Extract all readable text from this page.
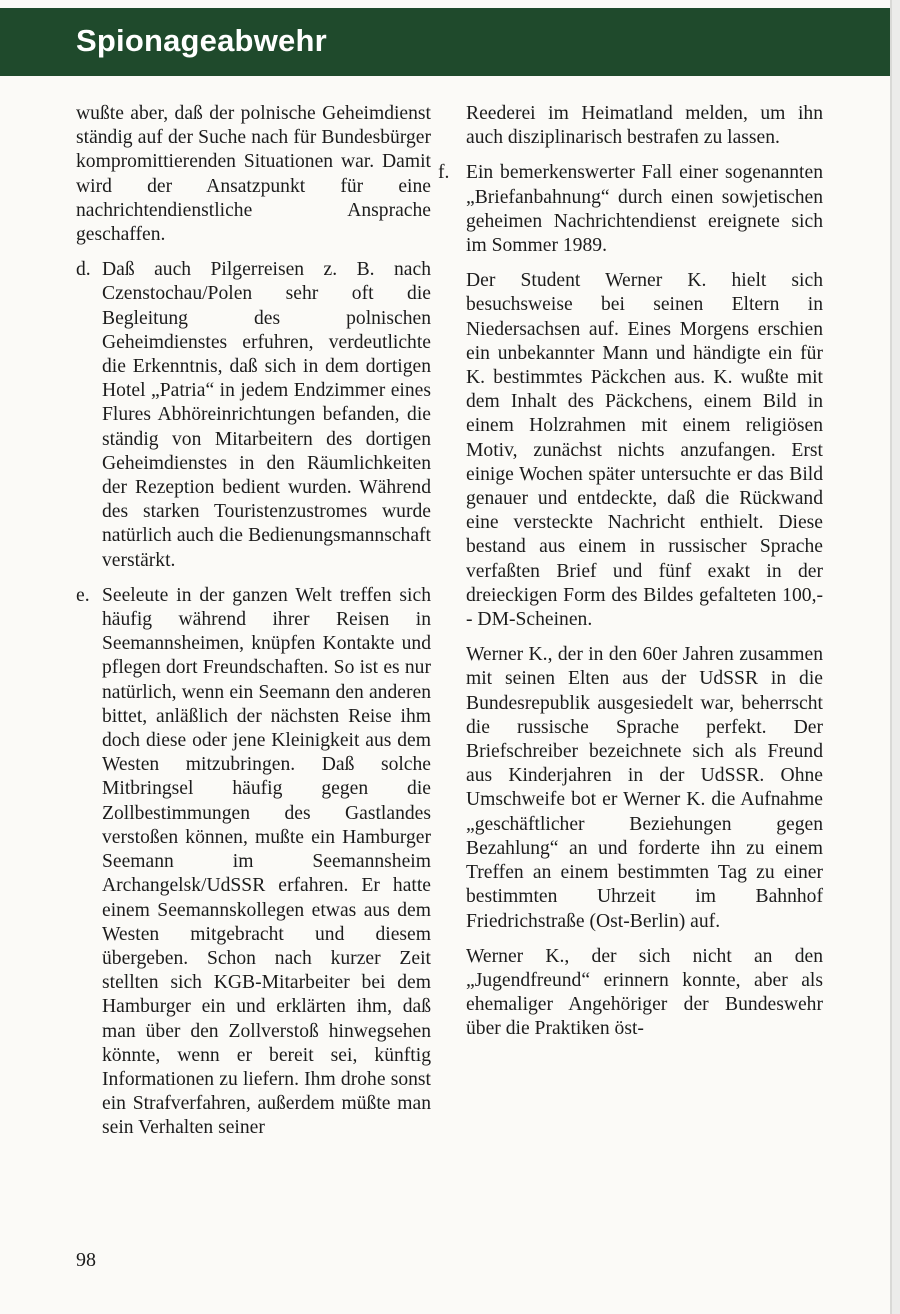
Spionageabwehr

wußte aber, daß der polnische Geheimdienst ständig auf der Suche nach für Bundesbürger kompromittierenden Situationen war. Damit wird der Ansatzpunkt für eine nachrichtendienstliche Ansprache geschaffen.

d. Daß auch Pilgerreisen z. B. nach Czenstochau/Polen sehr oft die Begleitung des polnischen Geheimdienstes erfuhren, verdeutlichte die Erkenntnis, daß sich in dem dortigen Hotel „Patria“ in jedem Endzimmer eines Flures Abhöreinrichtungen befanden, die ständig von Mitarbeitern des dortigen Geheimdienstes in den Räumlichkeiten der Rezeption bedient wurden. Während des starken Touristenzustromes wurde natürlich auch die Bedienungsmannschaft verstärkt.
e. Seeleute in der ganzen Welt treffen sich häufig während ihrer Reisen in Seemannsheimen, knüpfen Kontakte und pflegen dort Freundschaften. So ist es nur natürlich, wenn ein Seemann den anderen bittet, anläßlich der nächsten Reise ihm doch diese oder jene Kleinigkeit aus dem Westen mitzubringen. Daß solche Mitbringsel häufig gegen die Zollbestimmungen des Gastlandes verstoßen können, mußte ein Hamburger Seemann im Seemannsheim Archangelsk/UdSSR erfahren. Er hatte einem Seemannskollegen etwas aus dem Westen mitgebracht und diesem übergeben. Schon nach kurzer Zeit stellten sich KGB-Mitarbeiter bei dem Hamburger ein und erklärten ihm, daß man über den Zollverstoß hinwegsehen könnte, wenn er bereit sei, künftig Informationen zu liefern. Ihm drohe sonst ein Strafverfahren, außerdem müßte man sein Verhalten seiner

Reederei im Heimatland melden, um ihn auch disziplinarisch bestrafen zu lassen.

f. Ein bemerkenswerter Fall einer sogenannten „Briefanbahnung“ durch einen sowjetischen geheimen Nachrichtendienst ereignete sich im Sommer 1989.

Der Student Werner K. hielt sich besuchsweise bei seinen Eltern in Niedersachsen auf. Eines Morgens erschien ein unbekannter Mann und händigte ein für K. bestimmtes Päckchen aus. K. wußte mit dem Inhalt des Päckchens, einem Bild in einem Holzrahmen mit einem religiösen Motiv, zunächst nichts anzufangen. Erst einige Wochen später untersuchte er das Bild genauer und entdeckte, daß die Rückwand eine versteckte Nachricht enthielt. Diese bestand aus einem in russischer Sprache verfaßten Brief und fünf exakt in der dreieckigen Form des Bildes gefalteten 100,-- DM-Scheinen.

Werner K., der in den 60er Jahren zusammen mit seinen Elten aus der UdSSR in die Bundesrepublik ausgesiedelt war, beherrscht die russische Sprache perfekt. Der Briefschreiber bezeichnete sich als Freund aus Kinderjahren in der UdSSR. Ohne Umschweife bot er Werner K. die Aufnahme „geschäftlicher Beziehungen gegen Bezahlung“ an und forderte ihn zu einem Treffen an einem bestimmten Tag zu einer bestimmten Uhrzeit im Bahnhof Friedrichstraße (Ost-Berlin) auf.

Werner K., der sich nicht an den „Jugendfreund“ erinnern konnte, aber als ehemaliger Angehöriger der Bundeswehr über die Praktiken öst-

98
